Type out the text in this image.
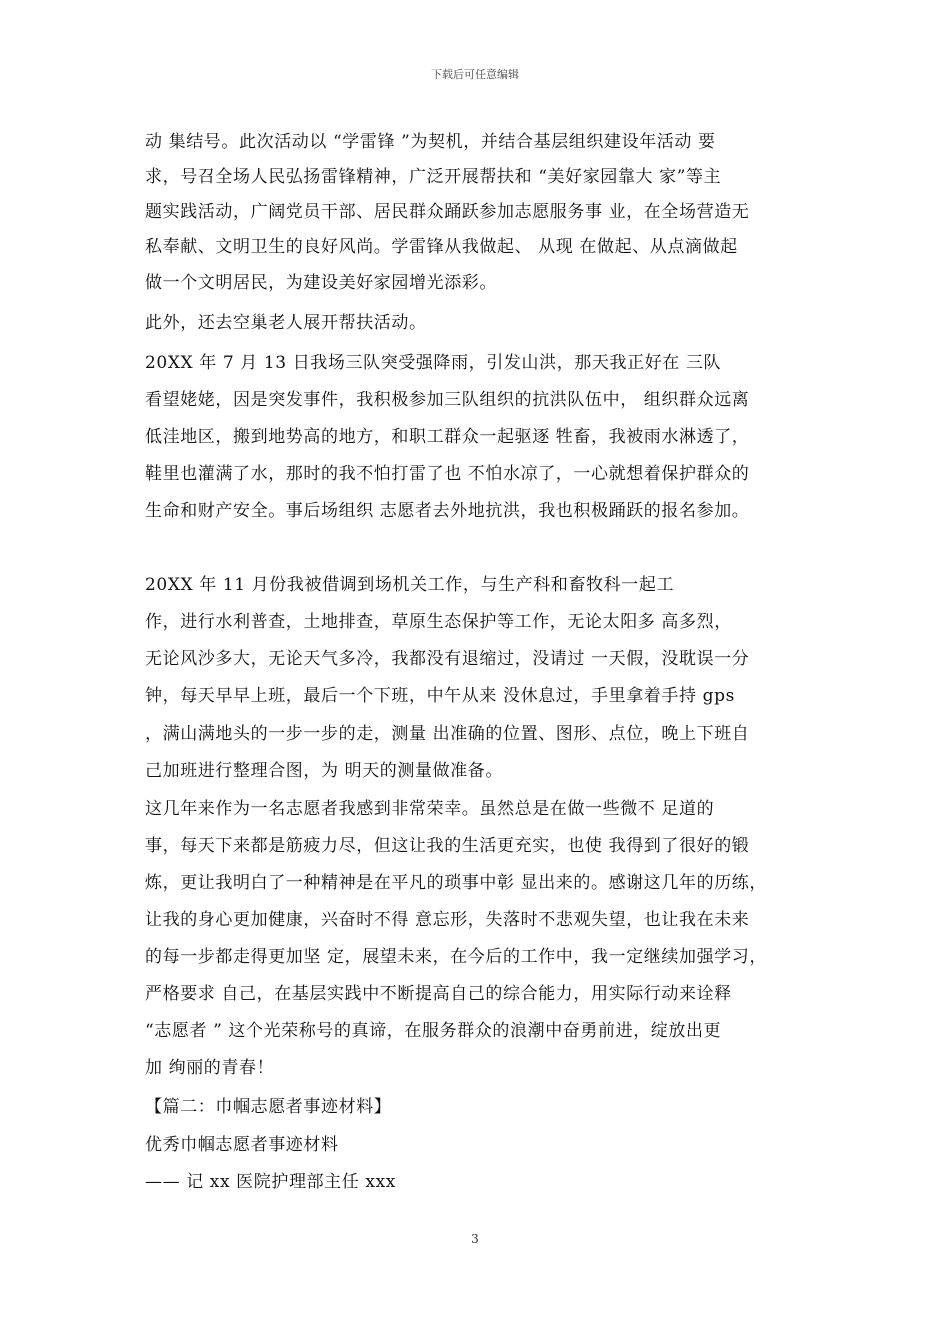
下载后可任意编辑
动 集结号。此次活动以 “学雷锋 ”为契机，并结合基层组织建设年活动 要
求，号召全场人民弘扬雷锋精神，广泛开展帮扶和 “美好家园靠大 家”等主
题实践活动，广阔党员干部、居民群众踊跃参加志愿服务事 业，在全场营造无
私奉献、文明卫生的良好风尚。学雷锋从我做起、 从现 在做起、从点滴做起
做一个文明居民，为建设美好家园增光添彩。
此外，还去空巢老人展开帮扶活动。
20XX 年 7 月 13 日我场三队突受强降雨，引发山洪，那天我正好在 三队
看望姥姥，因是突发事件，我积极参加三队组织的抗洪队伍中， 组织群众远离
低洼地区，搬到地势高的地方，和职工群众一起驱逐 牲畜，我被雨水淋透了，
鞋里也灌满了水，那时的我不怕打雷了也 不怕水凉了，一心就想着保护群众的
生命和财产安全。事后场组织 志愿者去外地抗洪，我也积极踊跃的报名参加。
20XX 年 11 月份我被借调到场机关工作，与生产科和畜牧科一起工
作，进行水利普查，土地排查，草原生态保护等工作，无论太阳多 高多烈，
无论风沙多大，无论天气多冷，我都没有退缩过，没请过 一天假，没耽误一分
钟，每天早早上班，最后一个下班，中午从来 没休息过，手里拿着手持 gps
，满山满地头的一步一步的走，测量 出准确的位置、图形、点位，晚上下班自
己加班进行整理合图，为 明天的测量做准备。
这几年来作为一名志愿者我感到非常荣幸。虽然总是在做一些微不 足道的
事，每天下来都是筋疲力尽，但这让我的生活更充实，也使 我得到了很好的锻
炼，更让我明白了一种精神是在平凡的琐事中彰 显出来的。感谢这几年的历练，
让我的身心更加健康，兴奋时不得 意忘形，失落时不悲观失望，也让我在未来
的每一步都走得更加坚 定，展望未来，在今后的工作中，我一定继续加强学习，
严格要求 自己，在基层实践中不断提高自己的综合能力，用实际行动来诠释
“志愿者 ” 这个光荣称号的真谛，在服务群众的浪潮中奋勇前进，绽放出更
加 绚丽的青春！
【篇二：巾帼志愿者事迹材料】
优秀巾帼志愿者事迹材料
—— 记 xx 医院护理部主任 xxx
3
